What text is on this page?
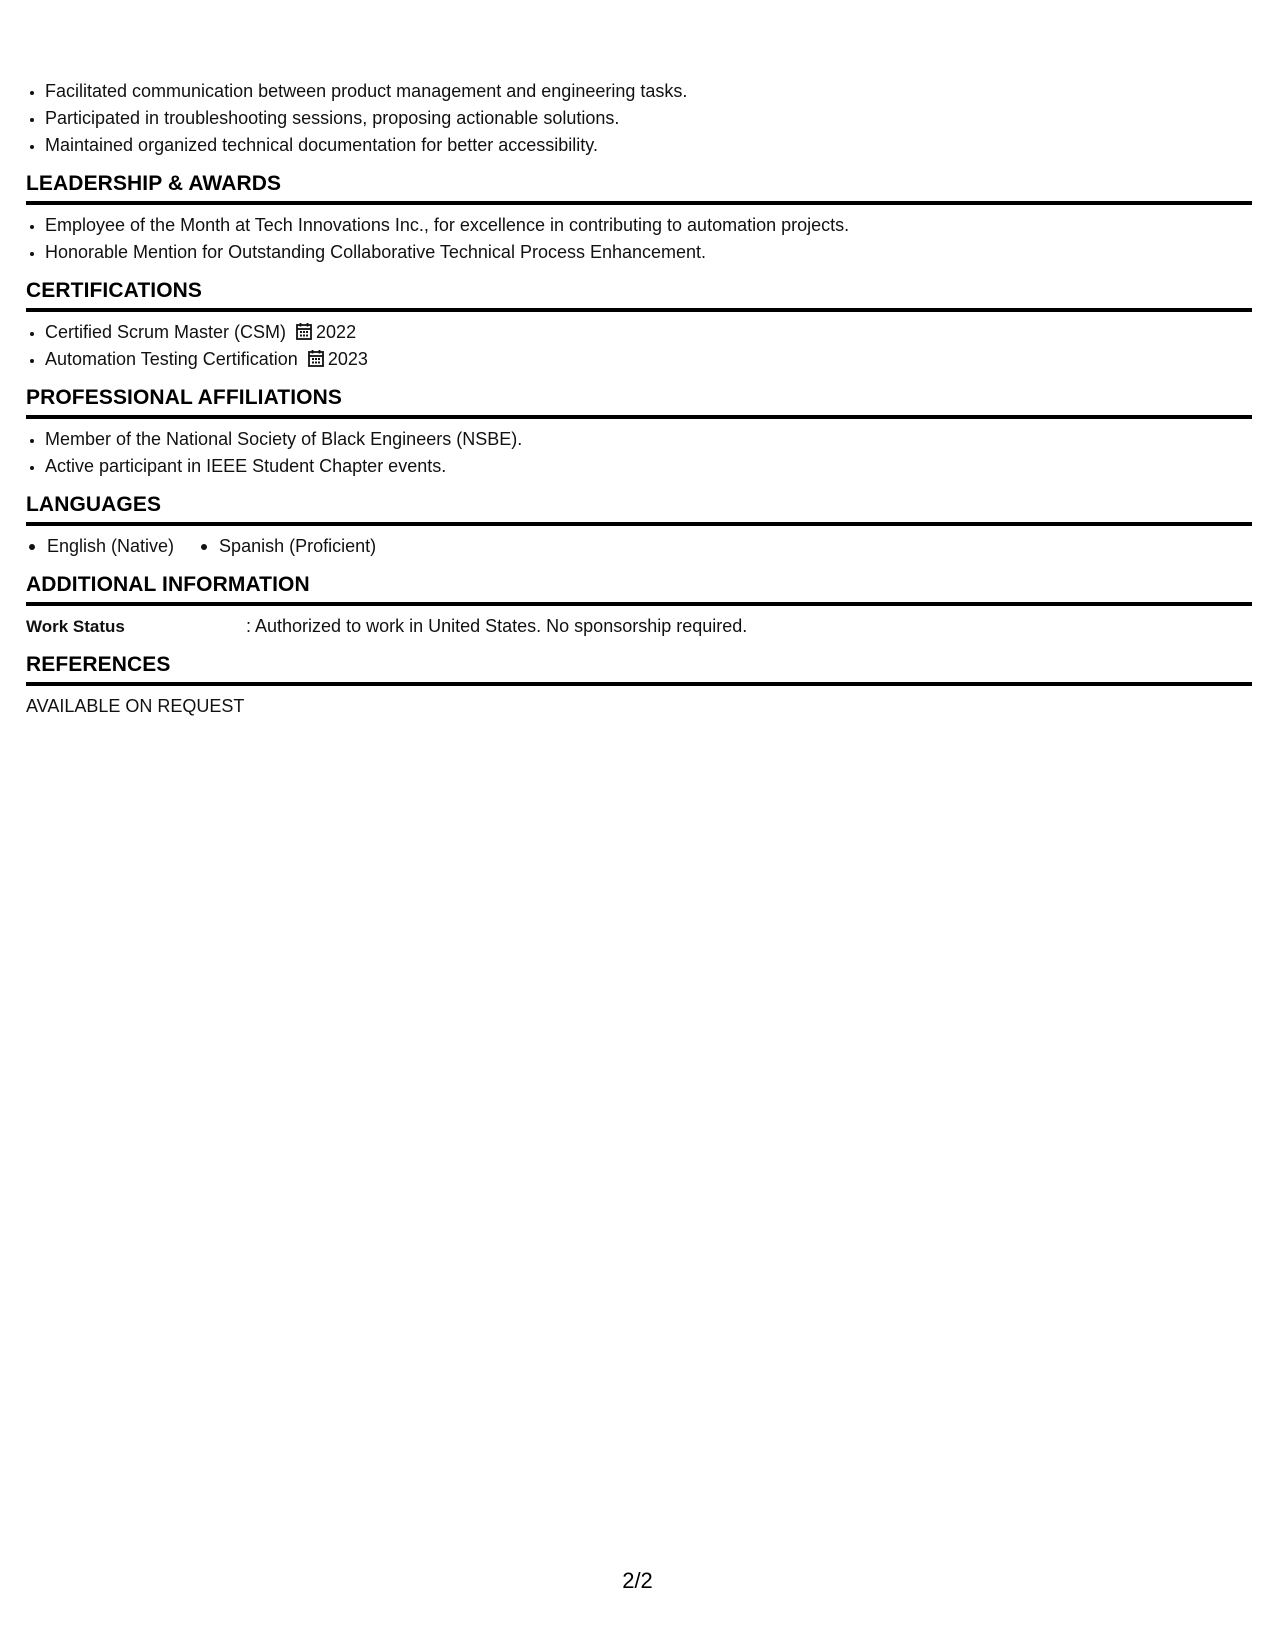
• Facilitated communication between product management and engineering tasks.
• Participated in troubleshooting sessions, proposing actionable solutions.
• Maintained organized technical documentation for better accessibility.
LEADERSHIP & AWARDS
• Employee of the Month at Tech Innovations Inc., for excellence in contributing to automation projects.
• Honorable Mention for Outstanding Collaborative Technical Process Enhancement.
CERTIFICATIONS
• Certified Scrum Master (CSM) 2022
• Automation Testing Certification 2023
PROFESSIONAL AFFILIATIONS
• Member of the National Society of Black Engineers (NSBE).
• Active participant in IEEE Student Chapter events.
LANGUAGES
English (Native)	Spanish (Proficient)
ADDITIONAL INFORMATION
Work Status	: Authorized to work in United States. No sponsorship required.
REFERENCES

AVAILABLE ON REQUEST

2/2
